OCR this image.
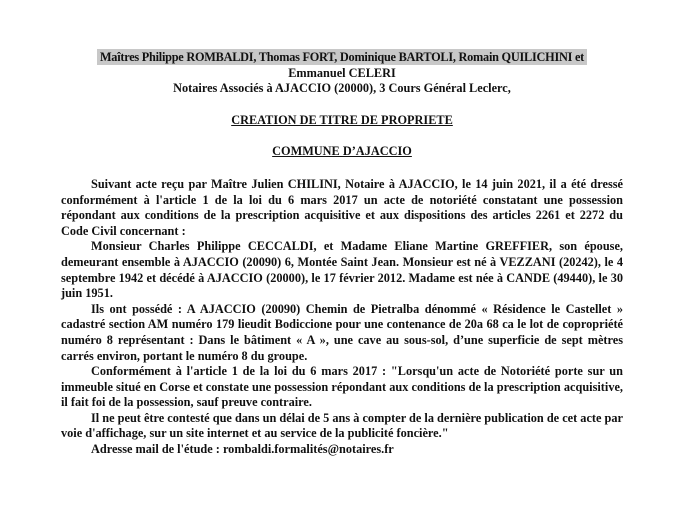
Maîtres Philippe ROMBALDI, Thomas FORT, Dominique BARTOLI, Romain QUILICHINI et
Emmanuel CELERI
Notaires Associés à AJACCIO (20000), 3 Cours Général Leclerc,
CREATION DE TITRE DE PROPRIETE
COMMUNE D’AJACCIO

Suivant acte reçu par Maître Julien CHILINI, Notaire à AJACCIO, le 14 juin 2021, il a été dressé conformément à l'article 1 de la loi du 6 mars 2017 un acte de notoriété constatant une possession répondant aux conditions de la prescription acquisitive et aux dispositions des articles 2261 et 2272 du Code Civil concernant :

Monsieur Charles Philippe CECCALDI, et Madame Eliane Martine GREFFIER, son épouse, demeurant ensemble à AJACCIO (20090) 6, Montée Saint Jean. Monsieur est né à VEZZANI (20242), le 4 septembre 1942 et décédé à AJACCIO (20000), le 17 février 2012. Madame est née à CANDE (49440), le 30 juin 1951.

Ils ont possédé : A AJACCIO (20090) Chemin de Pietralba dénommé « Résidence le Castellet » cadastré section AM numéro 179 lieudit Bodiccione pour une contenance de 20a 68 ca le lot de copropriété numéro 8 représentant : Dans le bâtiment « A », une cave au sous-sol, d’une superficie de sept mètres carrés environ, portant le numéro 8 du groupe.

Conformément à l'article 1 de la loi du 6 mars 2017 : "Lorsqu'un acte de Notoriété porte sur un immeuble situé en Corse et constate une possession répondant aux conditions de la prescription acquisitive, il fait foi de la possession, sauf preuve contraire.

Il ne peut être contesté que dans un délai de 5 ans à compter de la dernière publication de cet acte par voie d'affichage, sur un site internet et au service de la publicité foncière."

Adresse mail de l'étude : rombaldi.formalités@notaires.fr
